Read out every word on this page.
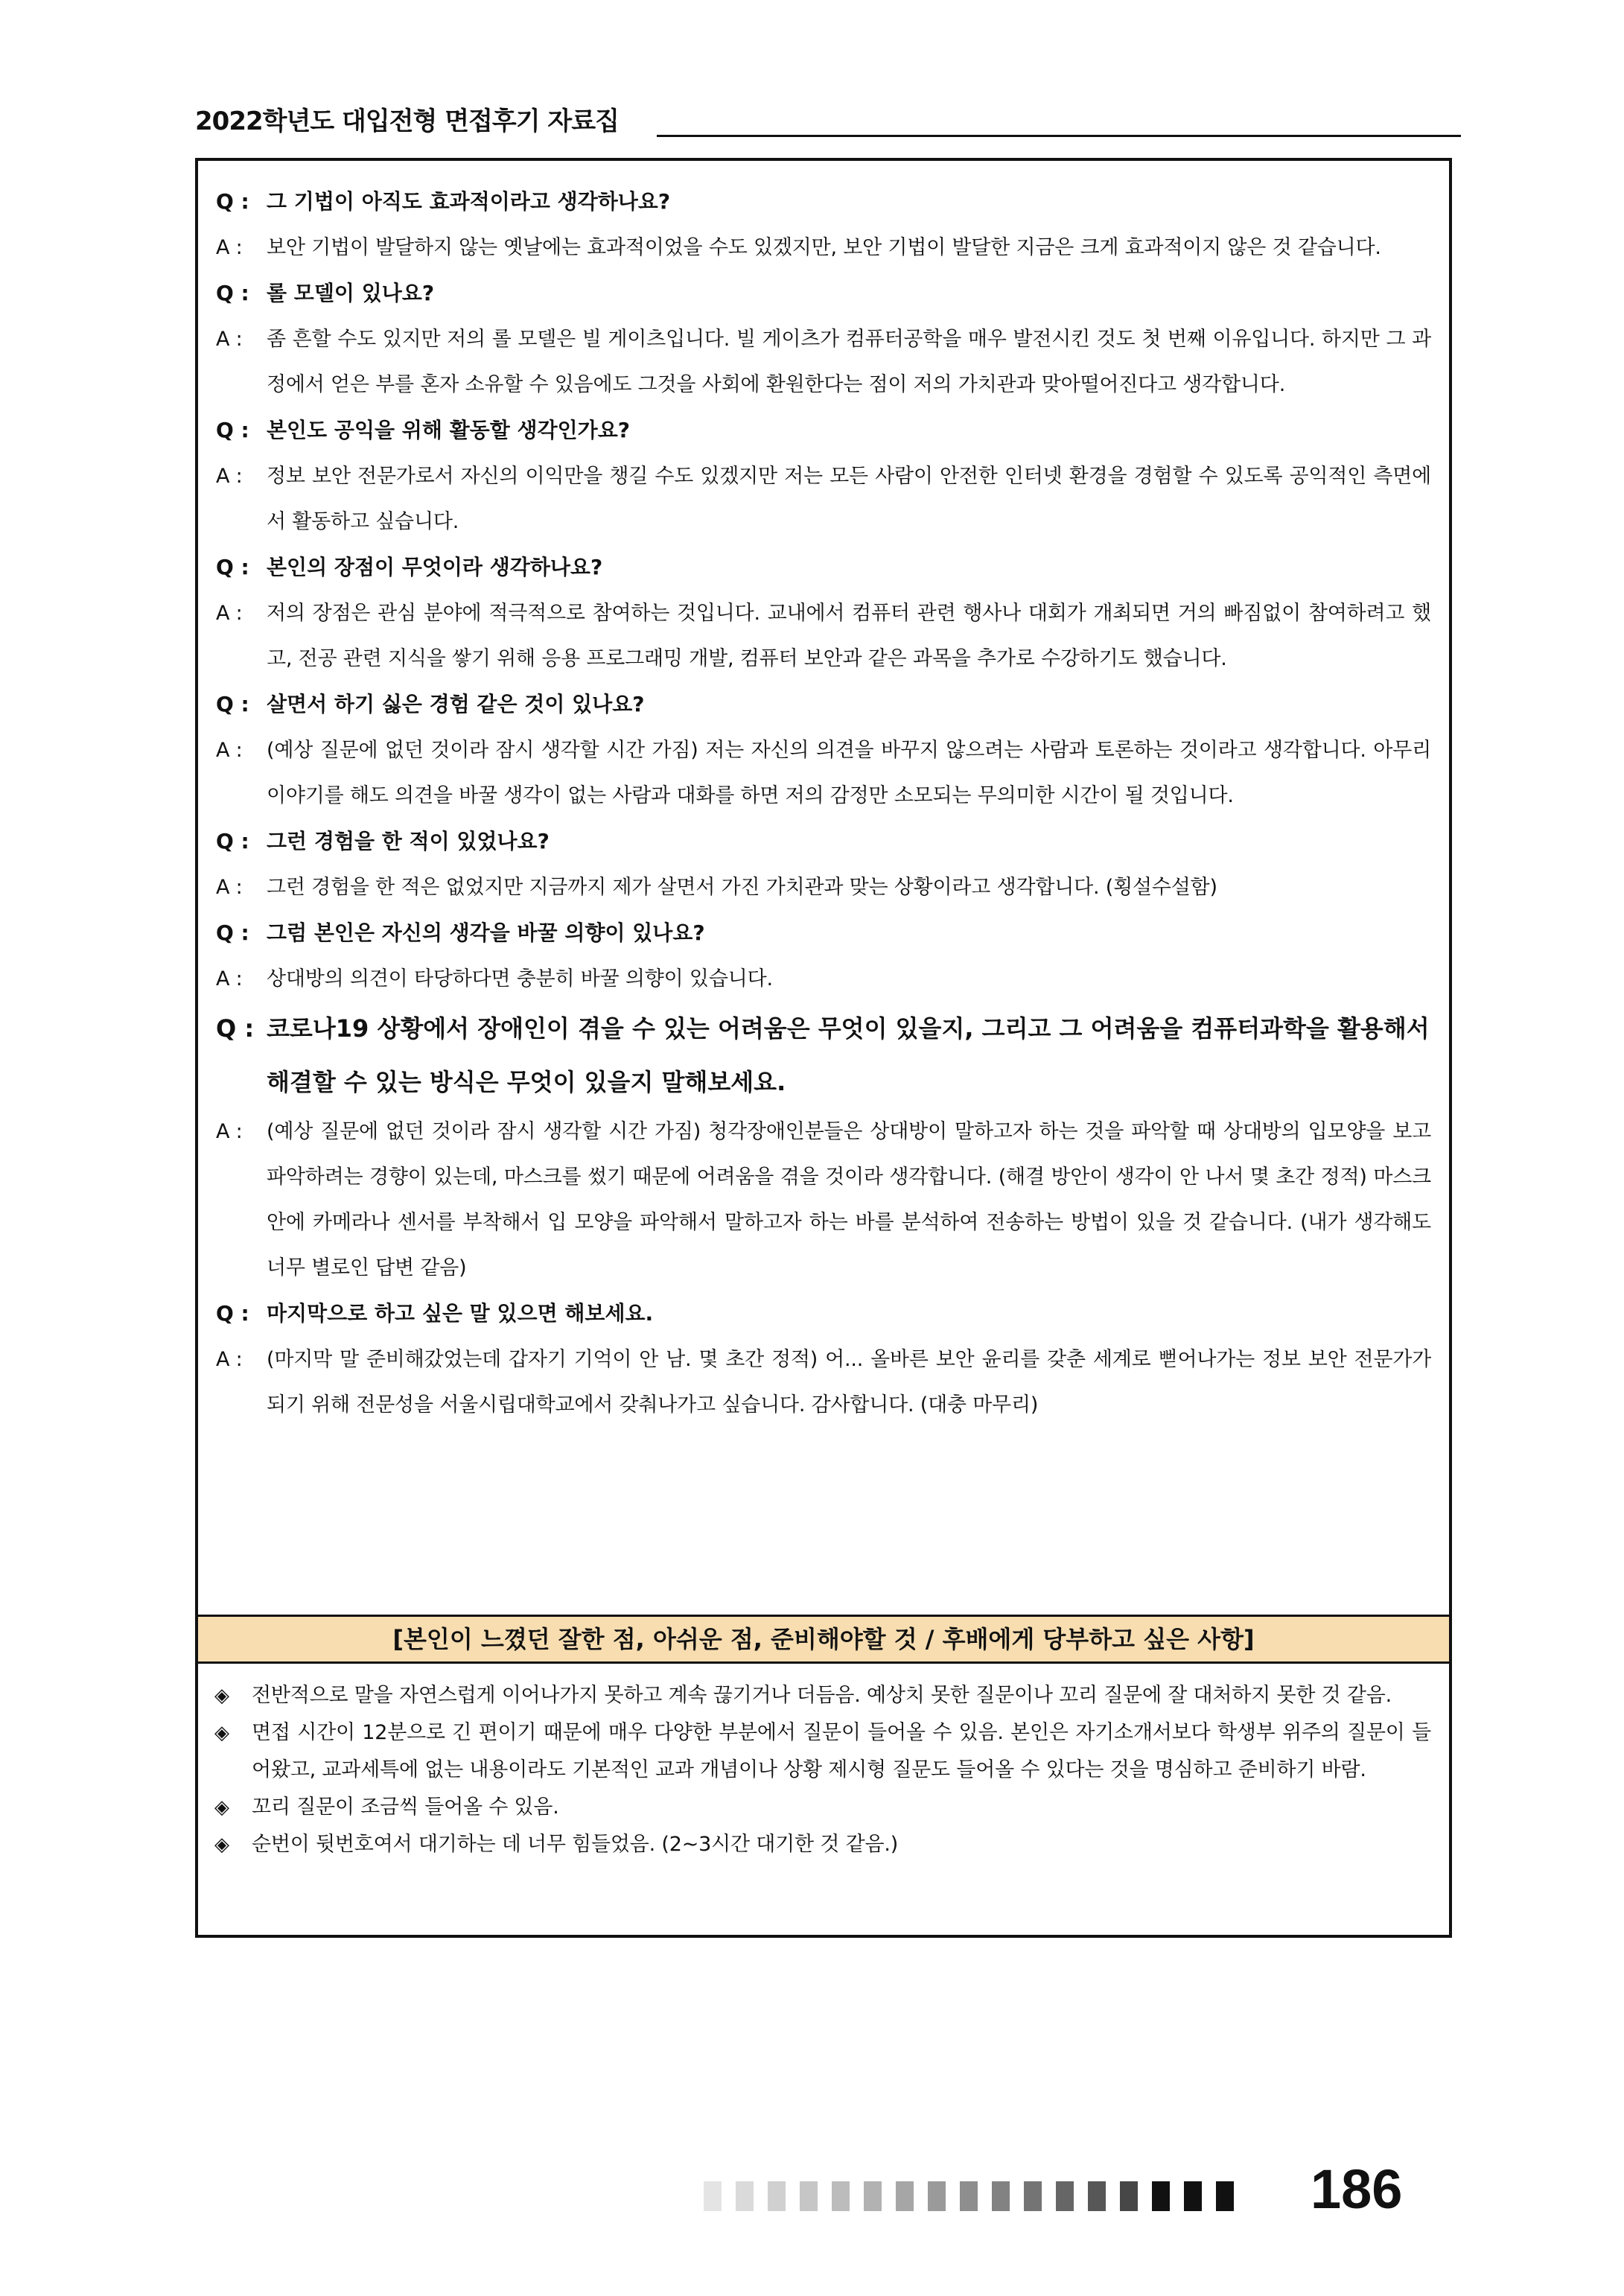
2022학년도 대입전형 면접후기 자료집

Q : 그 기법이 아직도 효과적이라고 생각하나요?

A : 보안 기법이 발달하지 않는 옛날에는 효과적이었을 수도 있겠지만, 보안 기법이 발달한 지금은 크게 효과적이지 않은 것 같습니다.

Q : 롤 모델이 있나요?

A : 좀 흔할 수도 있지만 저의 롤 모델은 빌 게이츠입니다. 빌 게이츠가 컴퓨터공학을 매우 발전시킨 것도 첫 번째 이유입니다. 하지만 그 과정에서 얻은 부를 혼자 소유할 수 있음에도 그것을 사회에 환원한다는 점이 저의 가치관과 맞아떨어진다고 생각합니다.

Q : 본인도 공익을 위해 활동할 생각인가요?

A : 정보 보안 전문가로서 자신의 이익만을 챙길 수도 있겠지만 저는 모든 사람이 안전한 인터넷 환경을 경험할 수 있도록 공익적인 측면에서 활동하고 싶습니다.

Q : 본인의 장점이 무엇이라 생각하나요?

A : 저의 장점은 관심 분야에 적극적으로 참여하는 것입니다. 교내에서 컴퓨터 관련 행사나 대회가 개최되면 거의 빠짐없이 참여하려고 했고, 전공 관련 지식을 쌓기 위해 응용 프로그래밍 개발, 컴퓨터 보안과 같은 과목을 추가로 수강하기도 했습니다.

Q : 살면서 하기 싫은 경험 같은 것이 있나요?

A : (예상 질문에 없던 것이라 잠시 생각할 시간 가짐) 저는 자신의 의견을 바꾸지 않으려는 사람과 토론하는 것이라고 생각합니다. 아무리 이야기를 해도 의견을 바꿀 생각이 없는 사람과 대화를 하면 저의 감정만 소모되는 무의미한 시간이 될 것입니다.

Q : 그런 경험을 한 적이 있었나요?

A : 그런 경험을 한 적은 없었지만 지금까지 제가 살면서 가진 가치관과 맞는 상황이라고 생각합니다. (횡설수설함)

Q : 그럼 본인은 자신의 생각을 바꿀 의향이 있나요?

A : 상대방의 의견이 타당하다면 충분히 바꿀 의향이 있습니다.

Q : 코로나19 상황에서 장애인이 겪을 수 있는 어려움은 무엇이 있을지, 그리고 그 어려움을 컴퓨터과학을 활용해서 해결할 수 있는 방식은 무엇이 있을지 말해보세요.

A : (예상 질문에 없던 것이라 잠시 생각할 시간 가짐) 청각장애인분들은 상대방이 말하고자 하는 것을 파악할 때 상대방의 입모양을 보고 파악하려는 경향이 있는데, 마스크를 썼기 때문에 어려움을 겪을 것이라 생각합니다. (해결 방안이 생각이 안 나서 몇 초간 정적) 마스크 안에 카메라나 센서를 부착해서 입 모양을 파악해서 말하고자 하는 바를 분석하여 전송하는 방법이 있을 것 같습니다. (내가 생각해도 너무 별로인 답변 같음)

Q : 마지막으로 하고 싶은 말 있으면 해보세요.

A : (마지막 말 준비해갔었는데 갑자기 기억이 안 남. 몇 초간 정적) 어... 올바른 보안 윤리를 갖춘 세계로 뻗어나가는 정보 보안 전문가가 되기 위해 전문성을 서울시립대학교에서 갖춰나가고 싶습니다. 감사합니다. (대충 마무리)

[본인이 느꼈던 잘한 점, 아쉬운 점, 준비해야할 것 / 후배에게 당부하고 싶은 사항]

◈ 전반적으로 말을 자연스럽게 이어나가지 못하고 계속 끊기거나 더듬음. 예상치 못한 질문이나 꼬리 질문에 잘 대처하지 못한 것 같음.

◈ 면접 시간이 12분으로 긴 편이기 때문에 매우 다양한 부분에서 질문이 들어올 수 있음. 본인은 자기소개서보다 학생부 위주의 질문이 들어왔고, 교과세특에 없는 내용이라도 기본적인 교과 개념이나 상황 제시형 질문도 들어올 수 있다는 것을 명심하고 준비하기 바람.

◈ 꼬리 질문이 조금씩 들어올 수 있음.

◈ 순번이 뒷번호여서 대기하는 데 너무 힘들었음. (2~3시간 대기한 것 같음.)

186
